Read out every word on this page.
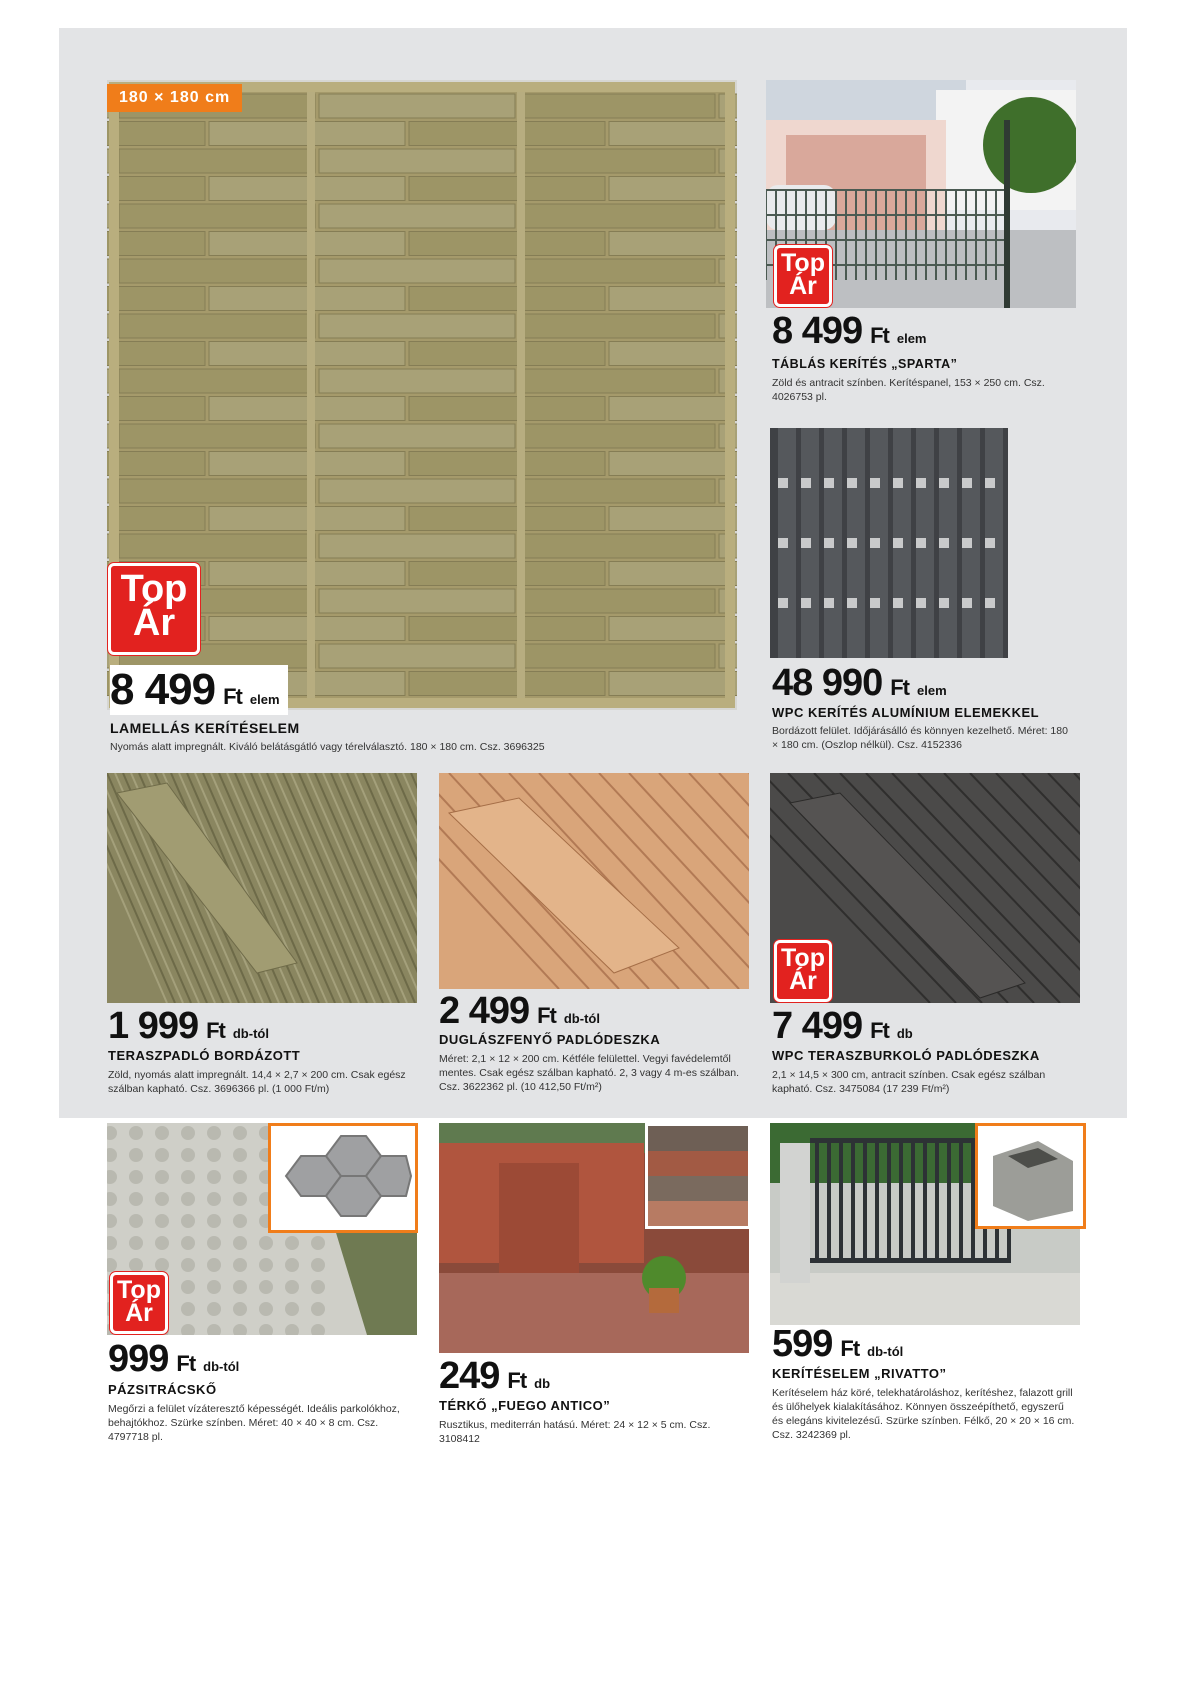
180 × 180 cm
Top
Ár
8 499 Ft elem
LAMELLÁS KERÍTÉSELEM
Nyomás alatt impregnált. Kiváló belátásgátló vagy térelválasztó. 180 × 180 cm. Csz. 3696325
Top
Ár
8 499 Ft elem
TÁBLÁS KERÍTÉS „SPARTA”
Zöld és antracit színben. Kerítéspanel, 153 × 250 cm. Csz. 4026753 pl.
48 990 Ft elem
WPC KERÍTÉS ALUMÍNIUM ELEMEKKEL
Bordázott felület. Időjárásálló és könnyen kezelhető. Méret: 180 × 180 cm. (Oszlop nélkül). Csz. 4152336
Top
Ár
1 999 Ft db-tól
TERASZPADLÓ BORDÁZOTT
Zöld, nyomás alatt impregnált. 14,4 × 2,7 × 200 cm. Csak egész szálban kapható. Csz. 3696366 pl. (1 000 Ft/m)
2 499 Ft db-tól
DUGLÁSZFENYŐ PADLÓDESZKA
Méret: 2,1 × 12 × 200 cm. Kétféle felülettel. Vegyi favédelemtől mentes. Csak egész szálban kapható. 2, 3 vagy 4 m-es szálban. Csz. 3622362 pl. (10 412,50 Ft/m²)
7 499 Ft db
WPC TERASZBURKOLÓ PADLÓDESZKA
2,1 × 14,5 × 300 cm, antracit színben. Csak egész szálban kapható. Csz. 3475084 (17 239 Ft/m²)
Top
Ár
999 Ft db-tól
PÁZSITRÁCSKŐ
Megőrzi a felület vízáteresztő képességét. Ideális parkolókhoz, behajtókhoz. Szürke színben. Méret: 40 × 40 × 8 cm. Csz. 4797718 pl.
249 Ft db
TÉRKŐ „FUEGO ANTICO”
Rusztikus, mediterrán hatású. Méret: 24 × 12 × 5 cm. Csz. 3108412
599 Ft db-tól
KERÍTÉSELEM „RIVATTO”
Kerítéselem ház köré, telekhatároláshoz, kerítéshez, falazott grill és ülőhelyek kialakításához. Könnyen összeépíthető, egyszerű és elegáns kivitelezésű. Szürke színben. Félkő, 20 × 20 × 16 cm. Csz. 3242369 pl.
